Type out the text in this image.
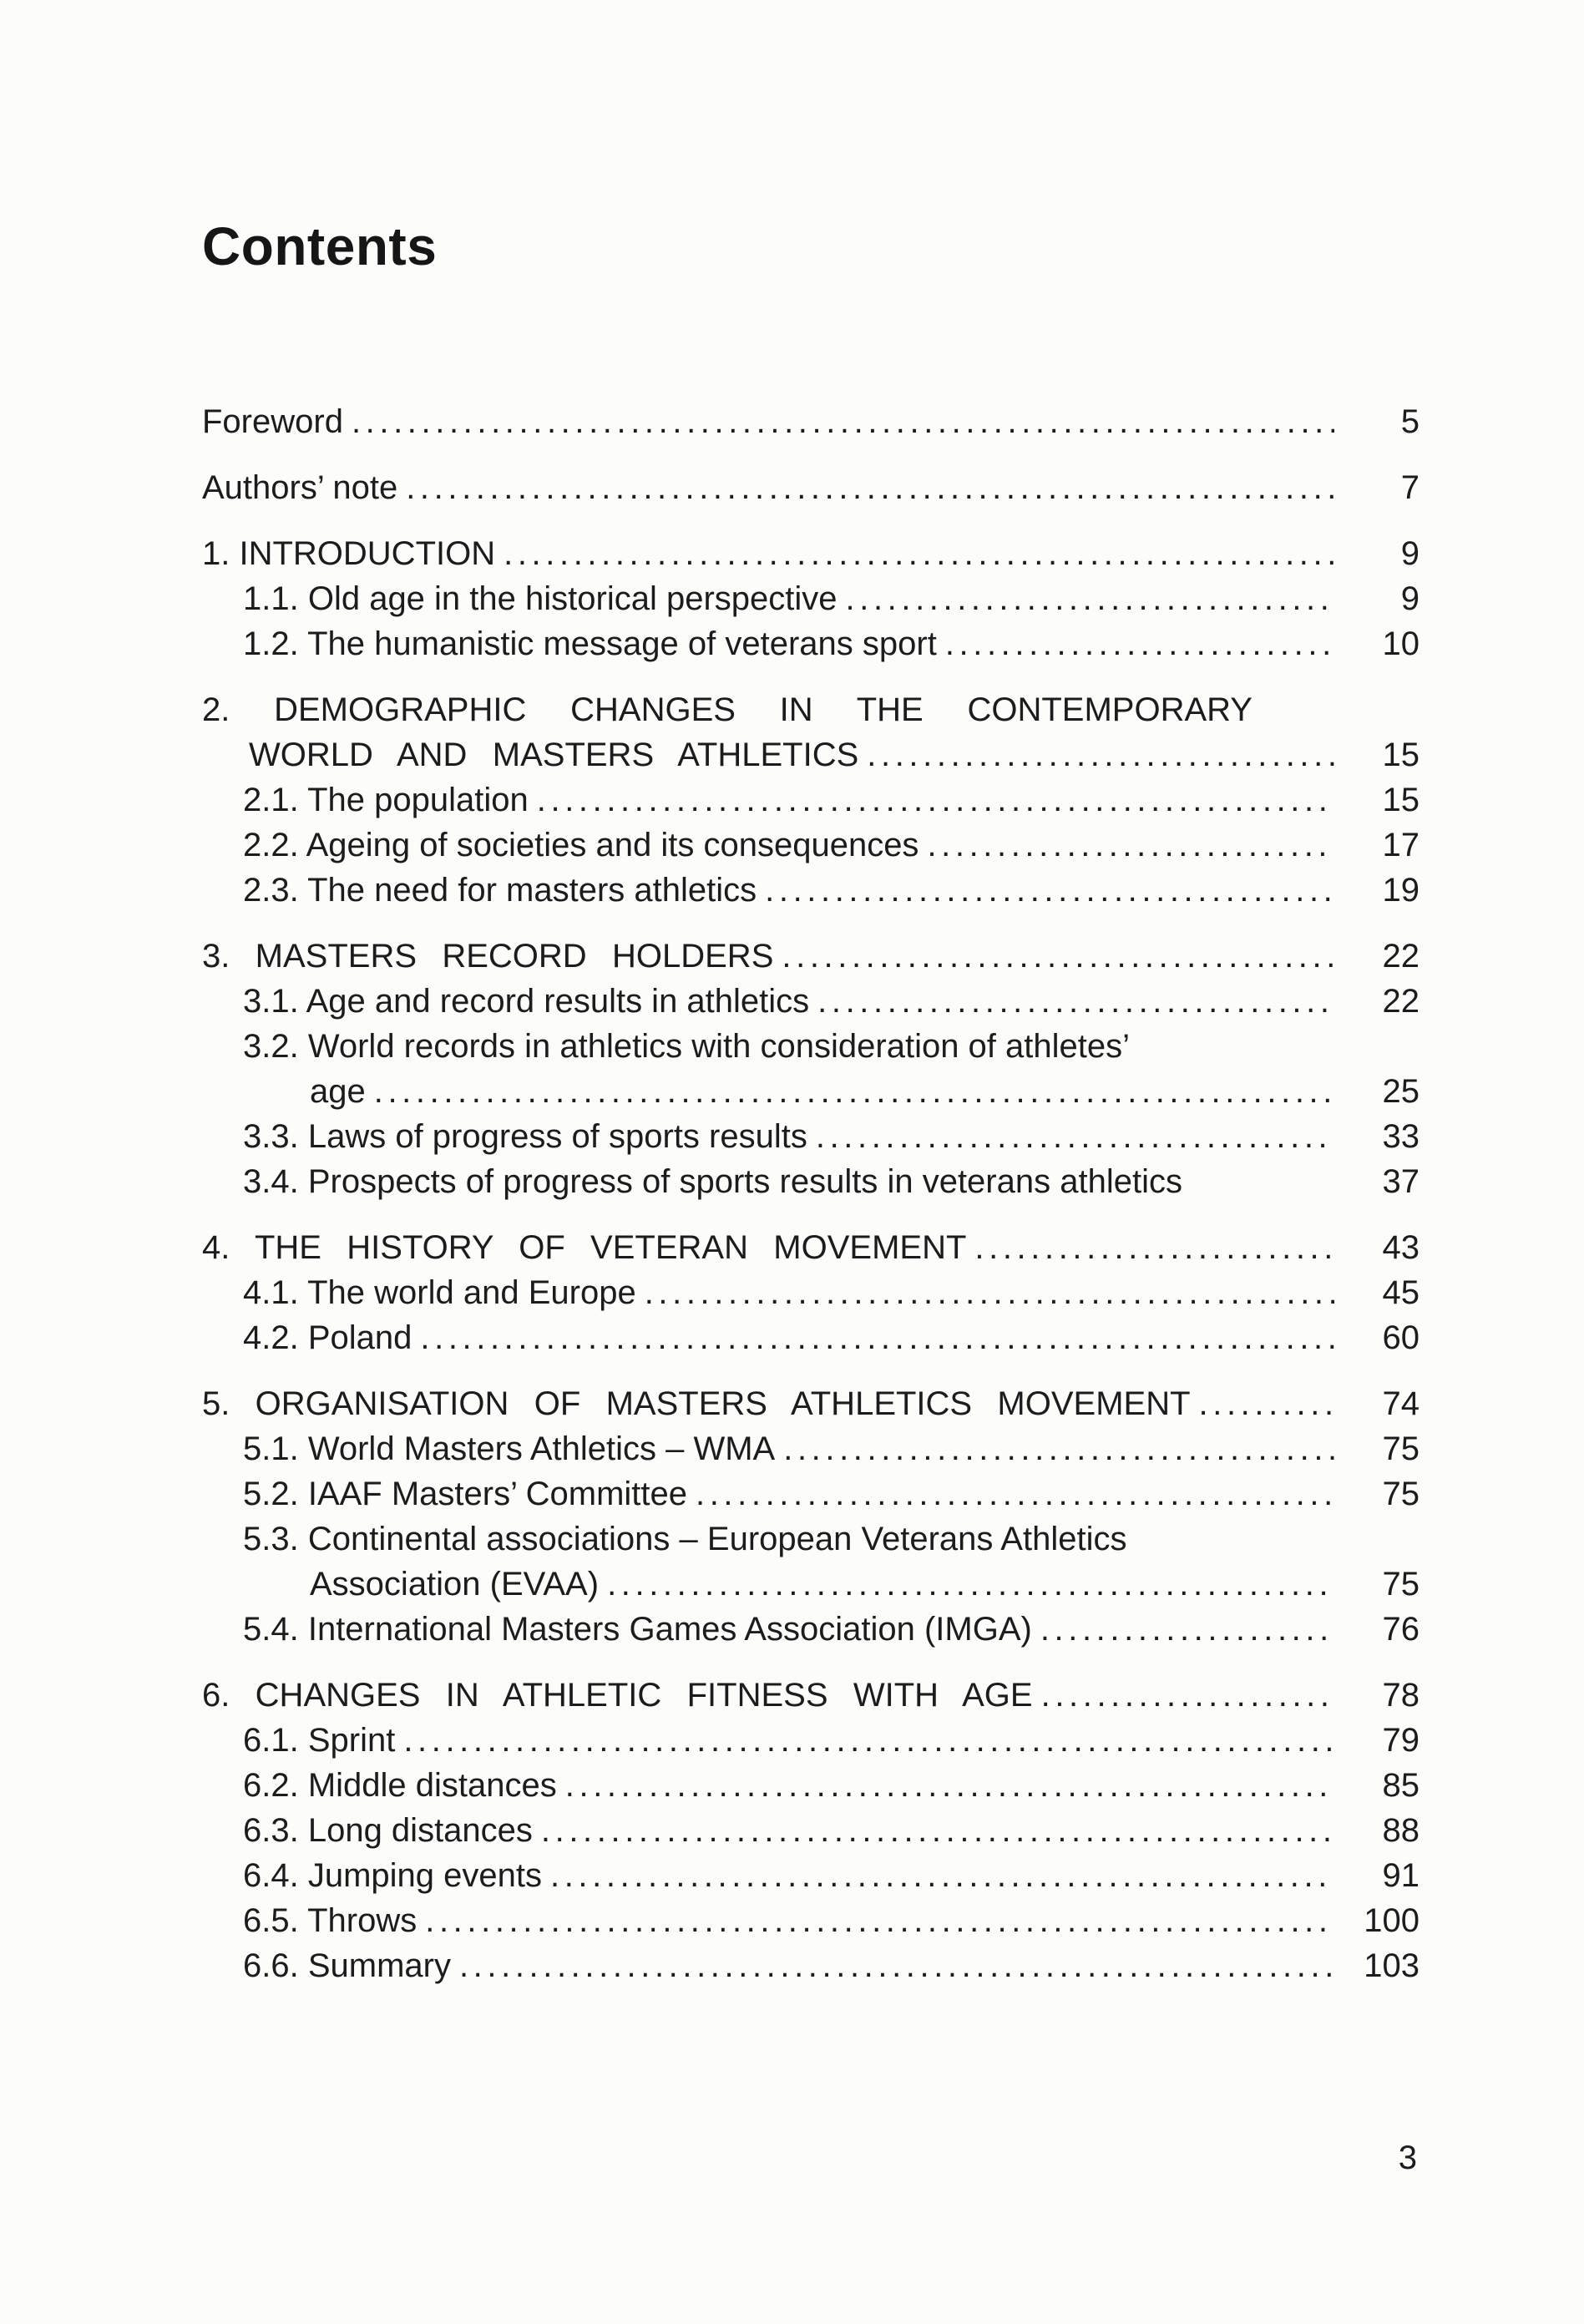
Contents
Foreword .....	5
Authors’ note .....	7
1. INTRODUCTION .....	9
1.1. Old age in the historical perspective .....	9
1.2. The humanistic message of veterans sport .....	10
2. DEMOGRAPHIC CHANGES IN THE CONTEMPORARY
WORLD AND MASTERS ATHLETICS .....	15
2.1. The population .....	15
2.2. Ageing of societies and its consequences .....	17
2.3. The need for masters athletics .....	19
3. MASTERS RECORD HOLDERS .....	22
3.1. Age and record results in athletics .....	22
3.2. World records in athletics with consideration of athletes’
age .....	25
3.3. Laws of progress of sports results .....	33
3.4. Prospects of progress of sports results in veterans athletics	37
4. THE HISTORY OF VETERAN MOVEMENT .....	43
4.1. The world and Europe .....	45
4.2. Poland .....	60
5. ORGANISATION OF MASTERS ATHLETICS MOVEMENT .....	74
5.1. World Masters Athletics – WMA .....	75
5.2. IAAF Masters’ Committee .....	75
5.3. Continental associations – European Veterans Athletics
Association (EVAA) .....	75
5.4. International Masters Games Association (IMGA) .....	76
6. CHANGES IN ATHLETIC FITNESS WITH AGE .....	78
6.1. Sprint .....	79
6.2. Middle distances .....	85
6.3. Long distances .....	88
6.4. Jumping events .....	91
6.5. Throws .....	100
6.6. Summary .....	103
3
